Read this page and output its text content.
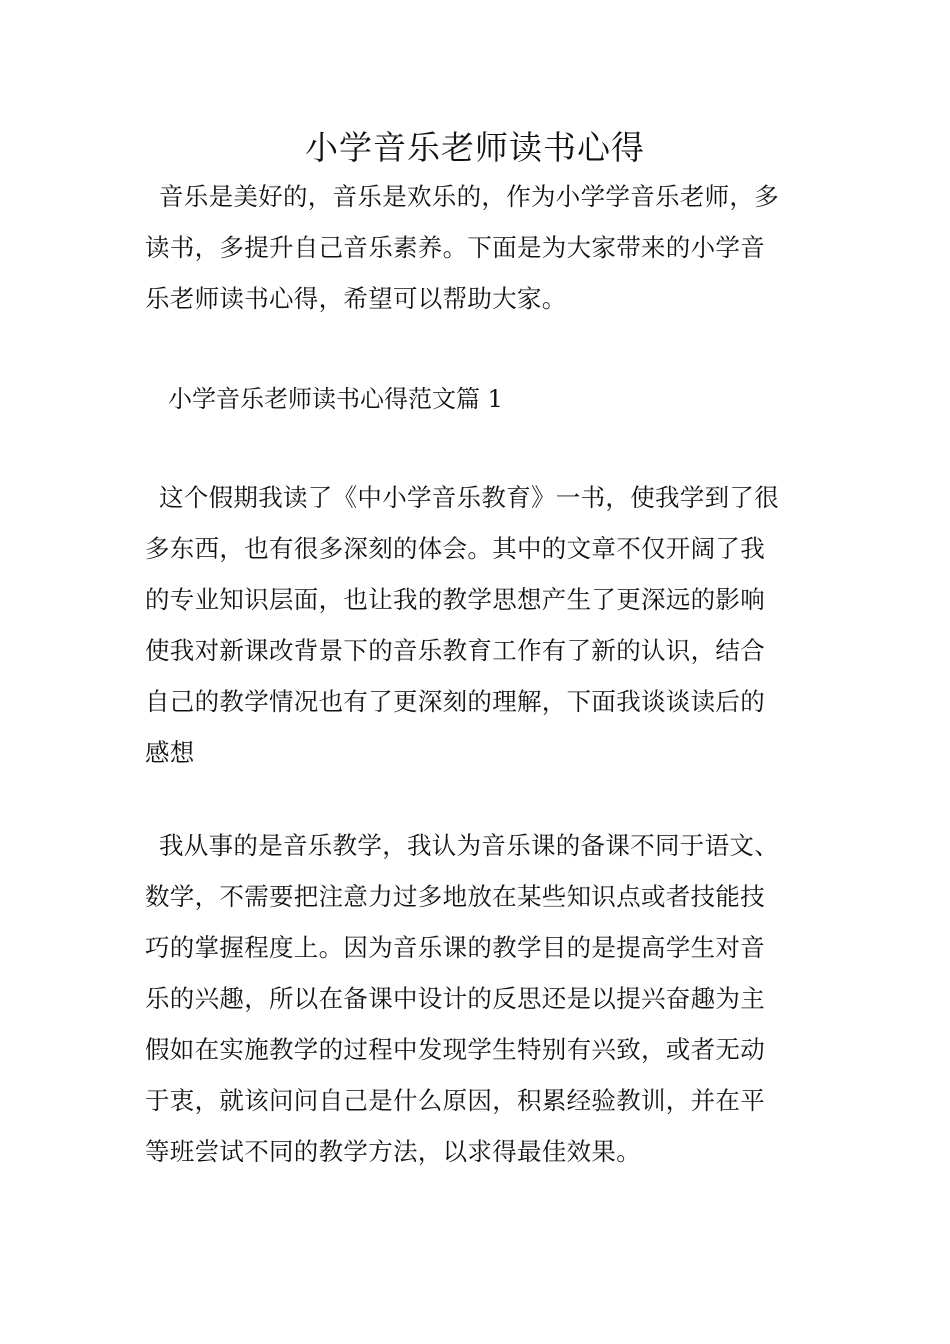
小学音乐老师读书心得
音乐是美好的，音乐是欢乐的，作为小学学音乐老师，多
读书，多提升自己音乐素养。下面是为大家带来的小学音
乐老师读书心得，希望可以帮助大家。
小学音乐老师读书心得范文篇 1
这个假期我读了《中小学音乐教育》一书，使我学到了很
多东西，也有很多深刻的体会。其中的文章不仅开阔了我
的专业知识层面，也让我的教学思想产生了更深远的影响
使我对新课改背景下的音乐教育工作有了新的认识，结合
自己的教学情况也有了更深刻的理解，下面我谈谈读后的
感想
我从事的是音乐教学，我认为音乐课的备课不同于语文、
数学，不需要把注意力过多地放在某些知识点或者技能技
巧的掌握程度上。因为音乐课的教学目的是提高学生对音
乐的兴趣，所以在备课中设计的反思还是以提兴奋趣为主
假如在实施教学的过程中发现学生特别有兴致，或者无动
于衷，就该问问自己是什么原因，积累经验教训，并在平
等班尝试不同的教学方法，以求得最佳效果。
